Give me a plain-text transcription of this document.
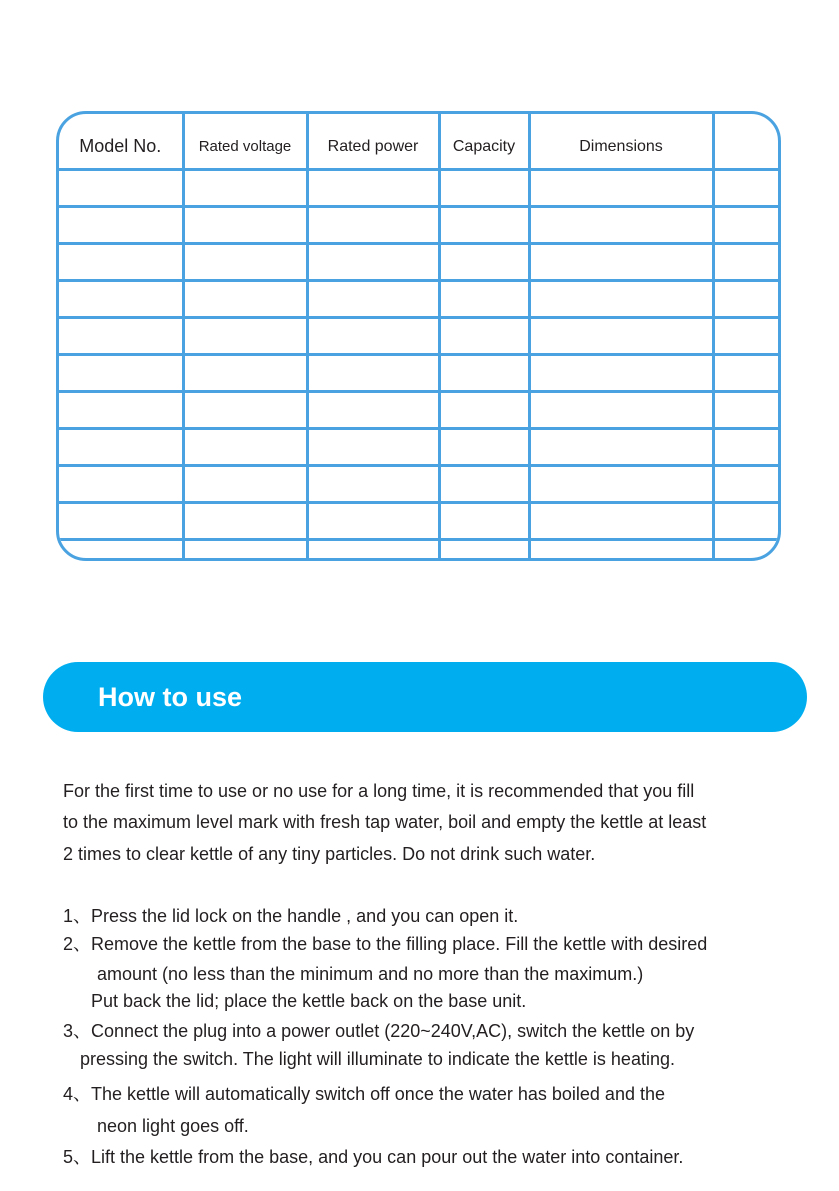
Model No.	Rated voltage	Rated power	Capacity	Dimensions	

How to use
For the first time to use or no use for a long time, it is recommended that you fill
to the maximum level mark with fresh tap water, boil and empty the kettle at least
2 times to clear kettle of any tiny particles. Do not drink such water.
1、Press the lid lock on the handle , and you can open it.
2、Remove the kettle from the base to the filling place. Fill the kettle with desired
amount (no less than the minimum and no more than the maximum.)
Put back the lid; place the kettle back on the base unit.
3、Connect the plug into a power outlet (220~240V,AC), switch the kettle on by
pressing the switch. The light will illuminate to indicate the kettle is heating.
4、The kettle will automatically switch off once the water has boiled and the
neon light goes off.
5、Lift the kettle from the base, and you can pour out the water into container.
